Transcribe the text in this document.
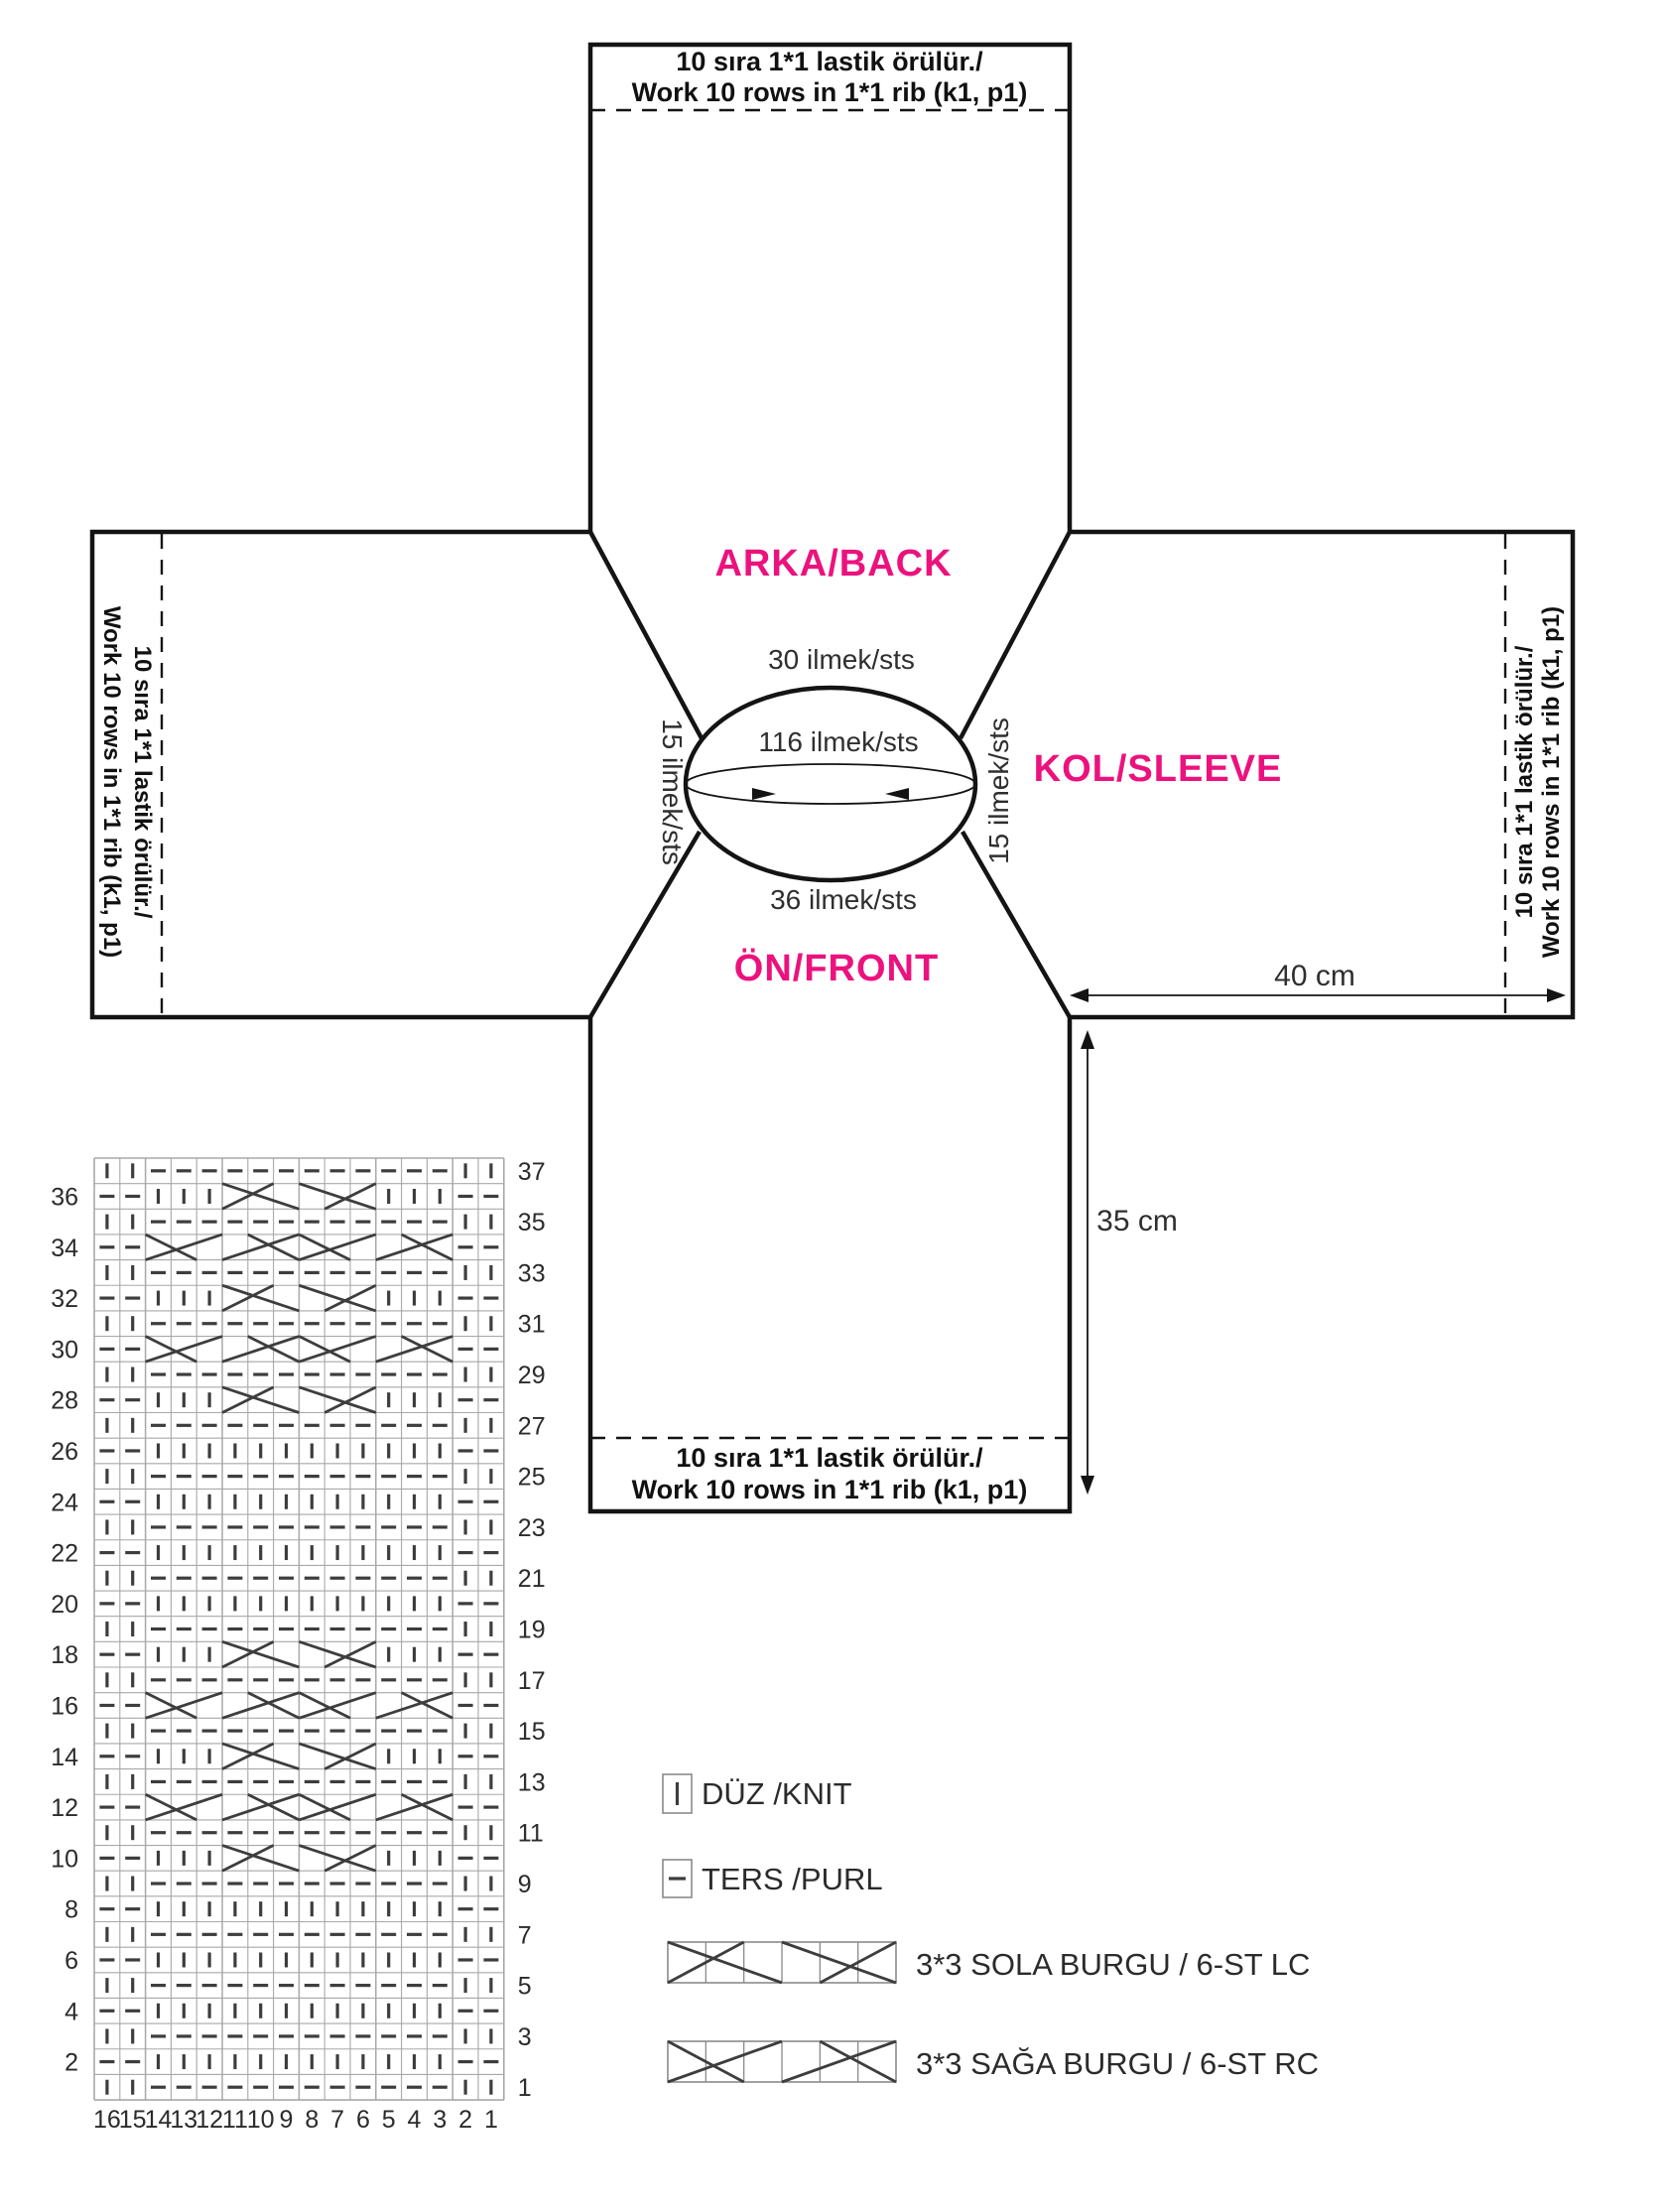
10 sıra 1*1 lastik örülür./
Work 10 rows in 1*1 rib (k1, p1)
10 sıra 1*1 lastik örülür./
Work 10 rows in 1*1 rib (k1, p1)
10 sıra 1*1 lastik örülür./
Work 10 rows in 1*1 rib (k1, p1)	10 sıra 1*1 lastik örülür./ Work 10 rows in 1*1 rib (k1, p1)
ARKA/BACK
ÖN/FRONT
KOL/SLEEVE
30 ilmek/sts
116 ilmek/sts
36 ilmek/sts
15 ilmek/sts	15 ilmek/sts
40 cm
35 cm
37
36
35
34
33
32
31
30
29
28
27
26
25
24
23
22
21
20
19
18
17
16
15
14
13
12
11
10
9
8
7
6
5
4
3
2
1
16
15
14
13
12
11
10 9 8 7 6 5 4 3 2 1
DÜZ /KNIT
TERS /PURL
3*3 SOLA BURGU / 6-ST LC
3*3 SAĞA BURGU / 6-ST RC
